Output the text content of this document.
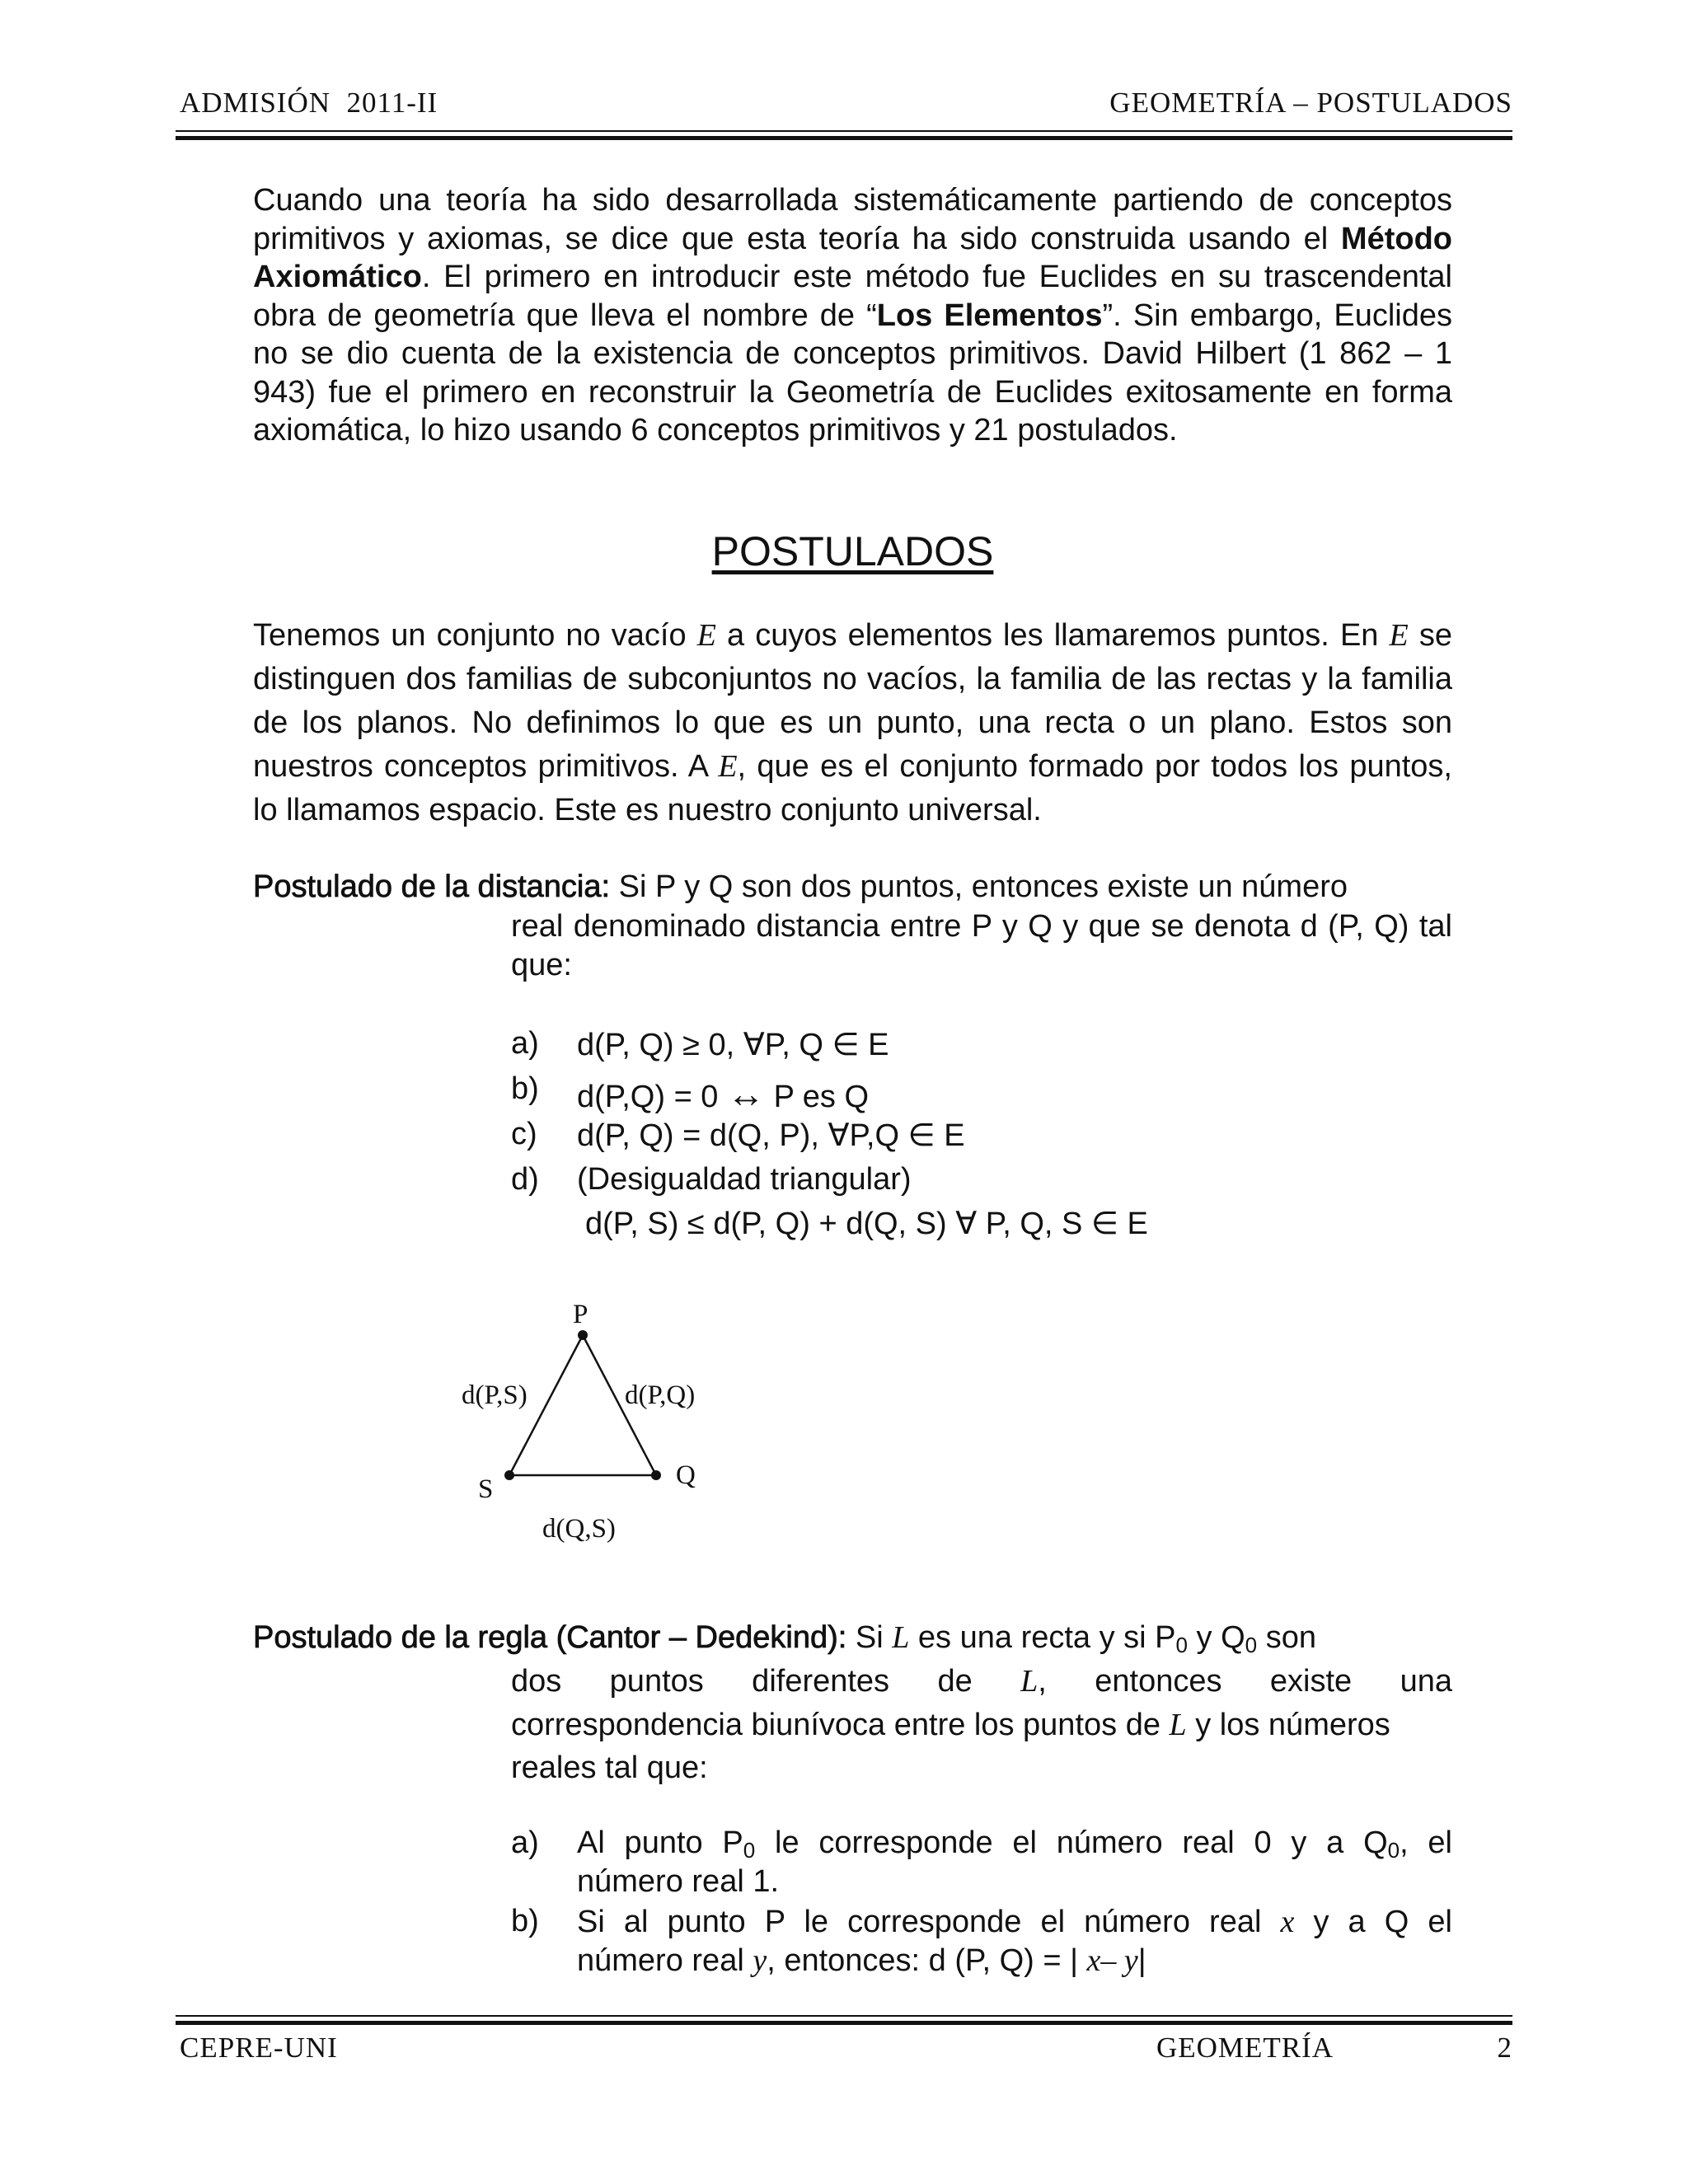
ADMISIÓN  2011-II	GEOMETRÍA – POSTULADOS
Cuando una teoría ha sido desarrollada sistemáticamente partiendo de conceptos primitivos y axiomas, se dice que esta teoría ha sido construida usando el Método Axiomático. El primero en introducir este método fue Euclides en su trascendental obra de geometría que lleva el nombre de “Los Elementos”. Sin embargo, Euclides no se dio cuenta de la existencia de conceptos primitivos. David Hilbert (1 862 – 1 943) fue el primero en reconstruir la Geometría de Euclides exitosamente en forma axiomática, lo hizo usando 6 conceptos primitivos y 21 postulados.
POSTULADOS
Tenemos un conjunto no vacío E a cuyos elementos les llamaremos puntos. En E se distinguen dos familias de subconjuntos no vacíos, la familia de las rectas y la familia de los planos. No definimos lo que es un punto, una recta o un plano. Estos son nuestros conceptos primitivos. A E, que es el conjunto formado por todos los puntos, lo llamamos espacio. Este es nuestro conjunto universal.
Postulado de la distancia: Si P y Q son dos puntos, entonces existe un número
real denominado distancia entre P y Q y que se denota d (P, Q) tal que:
a) d(P, Q) ≥ 0, ∀P, Q ∈ E
b) d(P,Q) = 0 ↔ P es Q
c) d(P, Q) = d(Q, P), ∀P,Q ∈ E
d) (Desigualdad triangular)
d(P, S) ≤ d(P, Q) + d(Q, S) ∀ P, Q, S ∈ E
P
S	Q
d(P,S)	d(P,Q)
d(Q,S)
Postulado de la regla (Cantor – Dedekind): Si L es una recta y si $P_0$ y $Q_0$ son
dos puntos diferentes de L, entonces existe una
correspondencia biunívoca entre los puntos de L y los números
reales tal que:
a) Al punto $P_0$ le corresponde el número real 0 y a $Q_0$, el
número real 1.
b) Si al punto P le corresponde el número real x y a Q el
número real y, entonces: d (P, Q) = | x– y|
CEPRE-UNI	GEOMETRÍA	2
